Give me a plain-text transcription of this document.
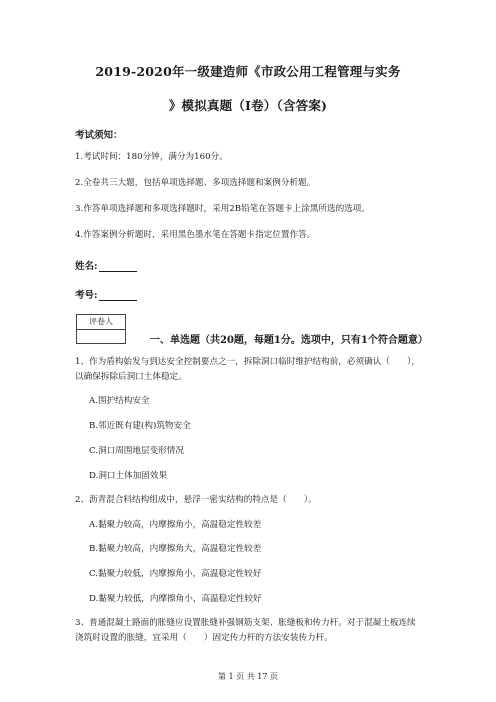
2019-2020年一级建造师《市政公用工程管理与实务
》模拟真题（I卷）（含答案)
考试须知：
1.考试时间：180分钟，满分为160分。
2.全卷共三大题，包括单项选择题、多项选择题和案例分析题。
3.作答单项选择题和多项选择题时，采用2B铅笔在答题卡上涂黑所选的选项。
4.作答案例分析题时，采用黑色墨水笔在答题卡指定位置作答。
姓名:
考号:
评卷人
一、单选题（共20题，每题1分。选项中，只有1个符合题意）
1、作为盾构始发与到达安全控制要点之一，拆除洞口临时维护结构前，必须确认（　　），
以确保拆除后洞口土体稳定。
A.围护结构安全
B.邻近既有建(构)筑物安全
C.洞口周围地层变形情况
D.洞口土体加固效果
2、沥青混合料结构组成中，悬浮一密实结构的特点是（　　）。
A.黏聚力较高，内摩擦角小，高温稳定性较差
B.黏聚力较高，内摩擦角大，高温稳定性较差
C.黏聚力较低，内摩擦角小，高温稳定性较好
D.黏聚力较低，内摩擦角小，高温稳定性较好
3、普通混凝土路面的胀缝应设置胀缝补强钢筋支架、胀缝板和传力杆。对于混凝土板连续
浇筑时设置的胀缝，宜采用（　　）固定传力杆的方法安装传力杆。
第 1 页 共 17 页
